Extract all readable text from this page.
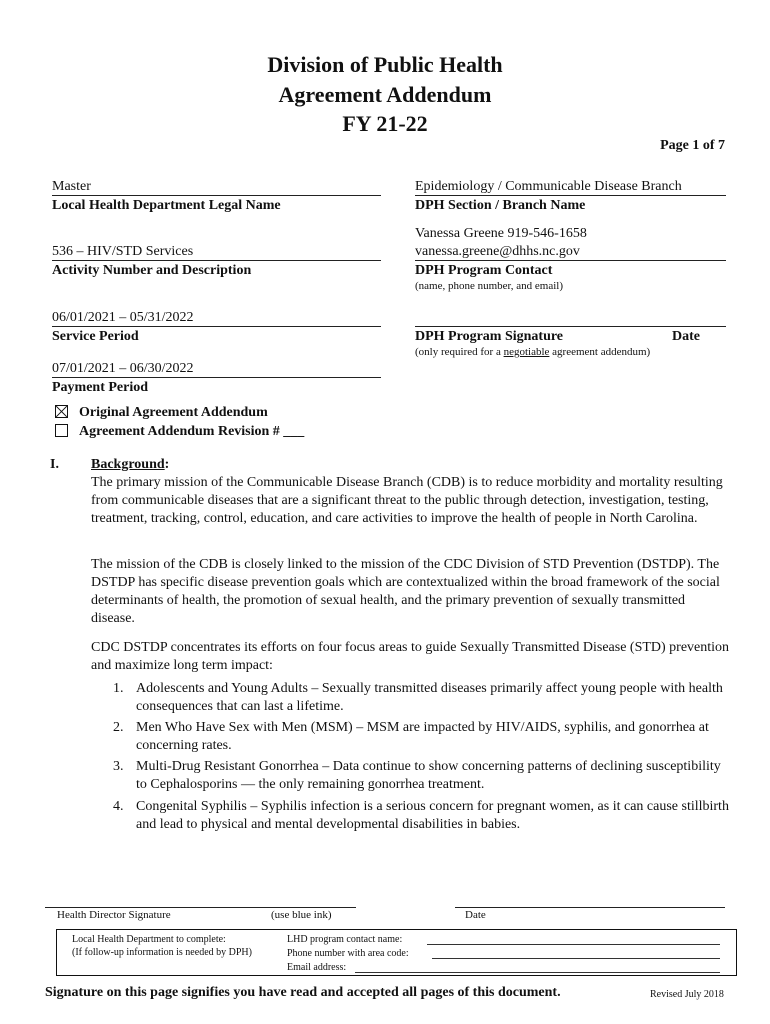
Division of Public Health
Agreement Addendum
FY 21-22
Page 1 of 7
Master
Local Health Department Legal Name
536 – HIV/STD Services
Activity Number and Description
06/01/2021 – 05/31/2022
Service Period
07/01/2021 – 06/30/2022
Payment Period
Epidemiology / Communicable Disease Branch
DPH Section / Branch Name
Vanessa Greene 919-546-1658
vanessa.greene@dhhs.nc.gov
DPH Program Contact
(name, phone number, and email)
DPH Program Signature	Date
(only required for a negotiable agreement addendum)
Original Agreement Addendum
Agreement Addendum Revision # ___
I. Background:
The primary mission of the Communicable Disease Branch (CDB) is to reduce morbidity and mortality resulting from communicable diseases that are a significant threat to the public through detection, investigation, testing, treatment, tracking, control, education, and care activities to improve the health of people in North Carolina.
The mission of the CDB is closely linked to the mission of the CDC Division of STD Prevention (DSTDP). The DSTDP has specific disease prevention goals which are contextualized within the broad framework of the social determinants of health, the promotion of sexual health, and the primary prevention of sexually transmitted disease.
CDC DSTDP concentrates its efforts on four focus areas to guide Sexually Transmitted Disease (STD) prevention and maximize long term impact:
1. Adolescents and Young Adults – Sexually transmitted diseases primarily affect young people with health consequences that can last a lifetime.
2. Men Who Have Sex with Men (MSM) – MSM are impacted by HIV/AIDS, syphilis, and gonorrhea at concerning rates.
3. Multi-Drug Resistant Gonorrhea – Data continue to show concerning patterns of declining susceptibility to Cephalosporins — the only remaining gonorrhea treatment.
4. Congenital Syphilis – Syphilis infection is a serious concern for pregnant women, as it can cause stillbirth and lead to physical and mental developmental disabilities in babies.
Health Director Signature	(use blue ink)	Date
Local Health Department to complete:
(If follow-up information is needed by DPH)
LHD program contact name:
Phone number with area code:
Email address:
Signature on this page signifies you have read and accepted all pages of this document.	Revised July 2018
